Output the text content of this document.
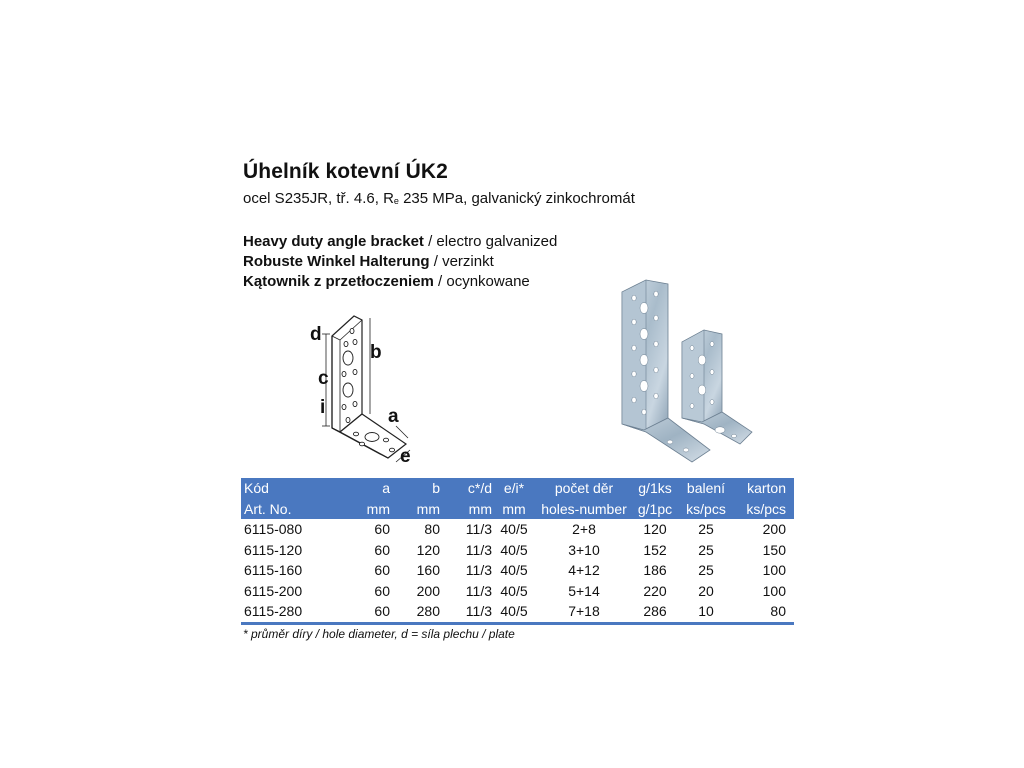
Úhelník kotevní ÚK2
ocel S235JR, tř. 4.6, $R_e$ 235 MPa, galvanický zinkochromát
Heavy duty angle bracket / electro galvanized
Robuste Winkel Halterung / verzinkt
Kątownik z przetłoczeniem / ocynkowane
d
b
c
i	a
e
Kód	a	b	c*/d	e/i*	počet děr	g/1ks	balení	karton
Art. No.	mm	mm	mm	mm	holes-number	g/1pc	ks/pcs	ks/pcs
6115-080	60	80	11/3	40/5	2+8	120	25	200
6115-120	60	120	11/3	40/5	3+10	152	25	150
6115-160	60	160	11/3	40/5	4+12	186	25	100
6115-200	60	200	11/3	40/5	5+14	220	20	100
6115-280	60	280	11/3	40/5	7+18	286	10	80
* průměr díry / hole diameter, d = síla plechu / plate
